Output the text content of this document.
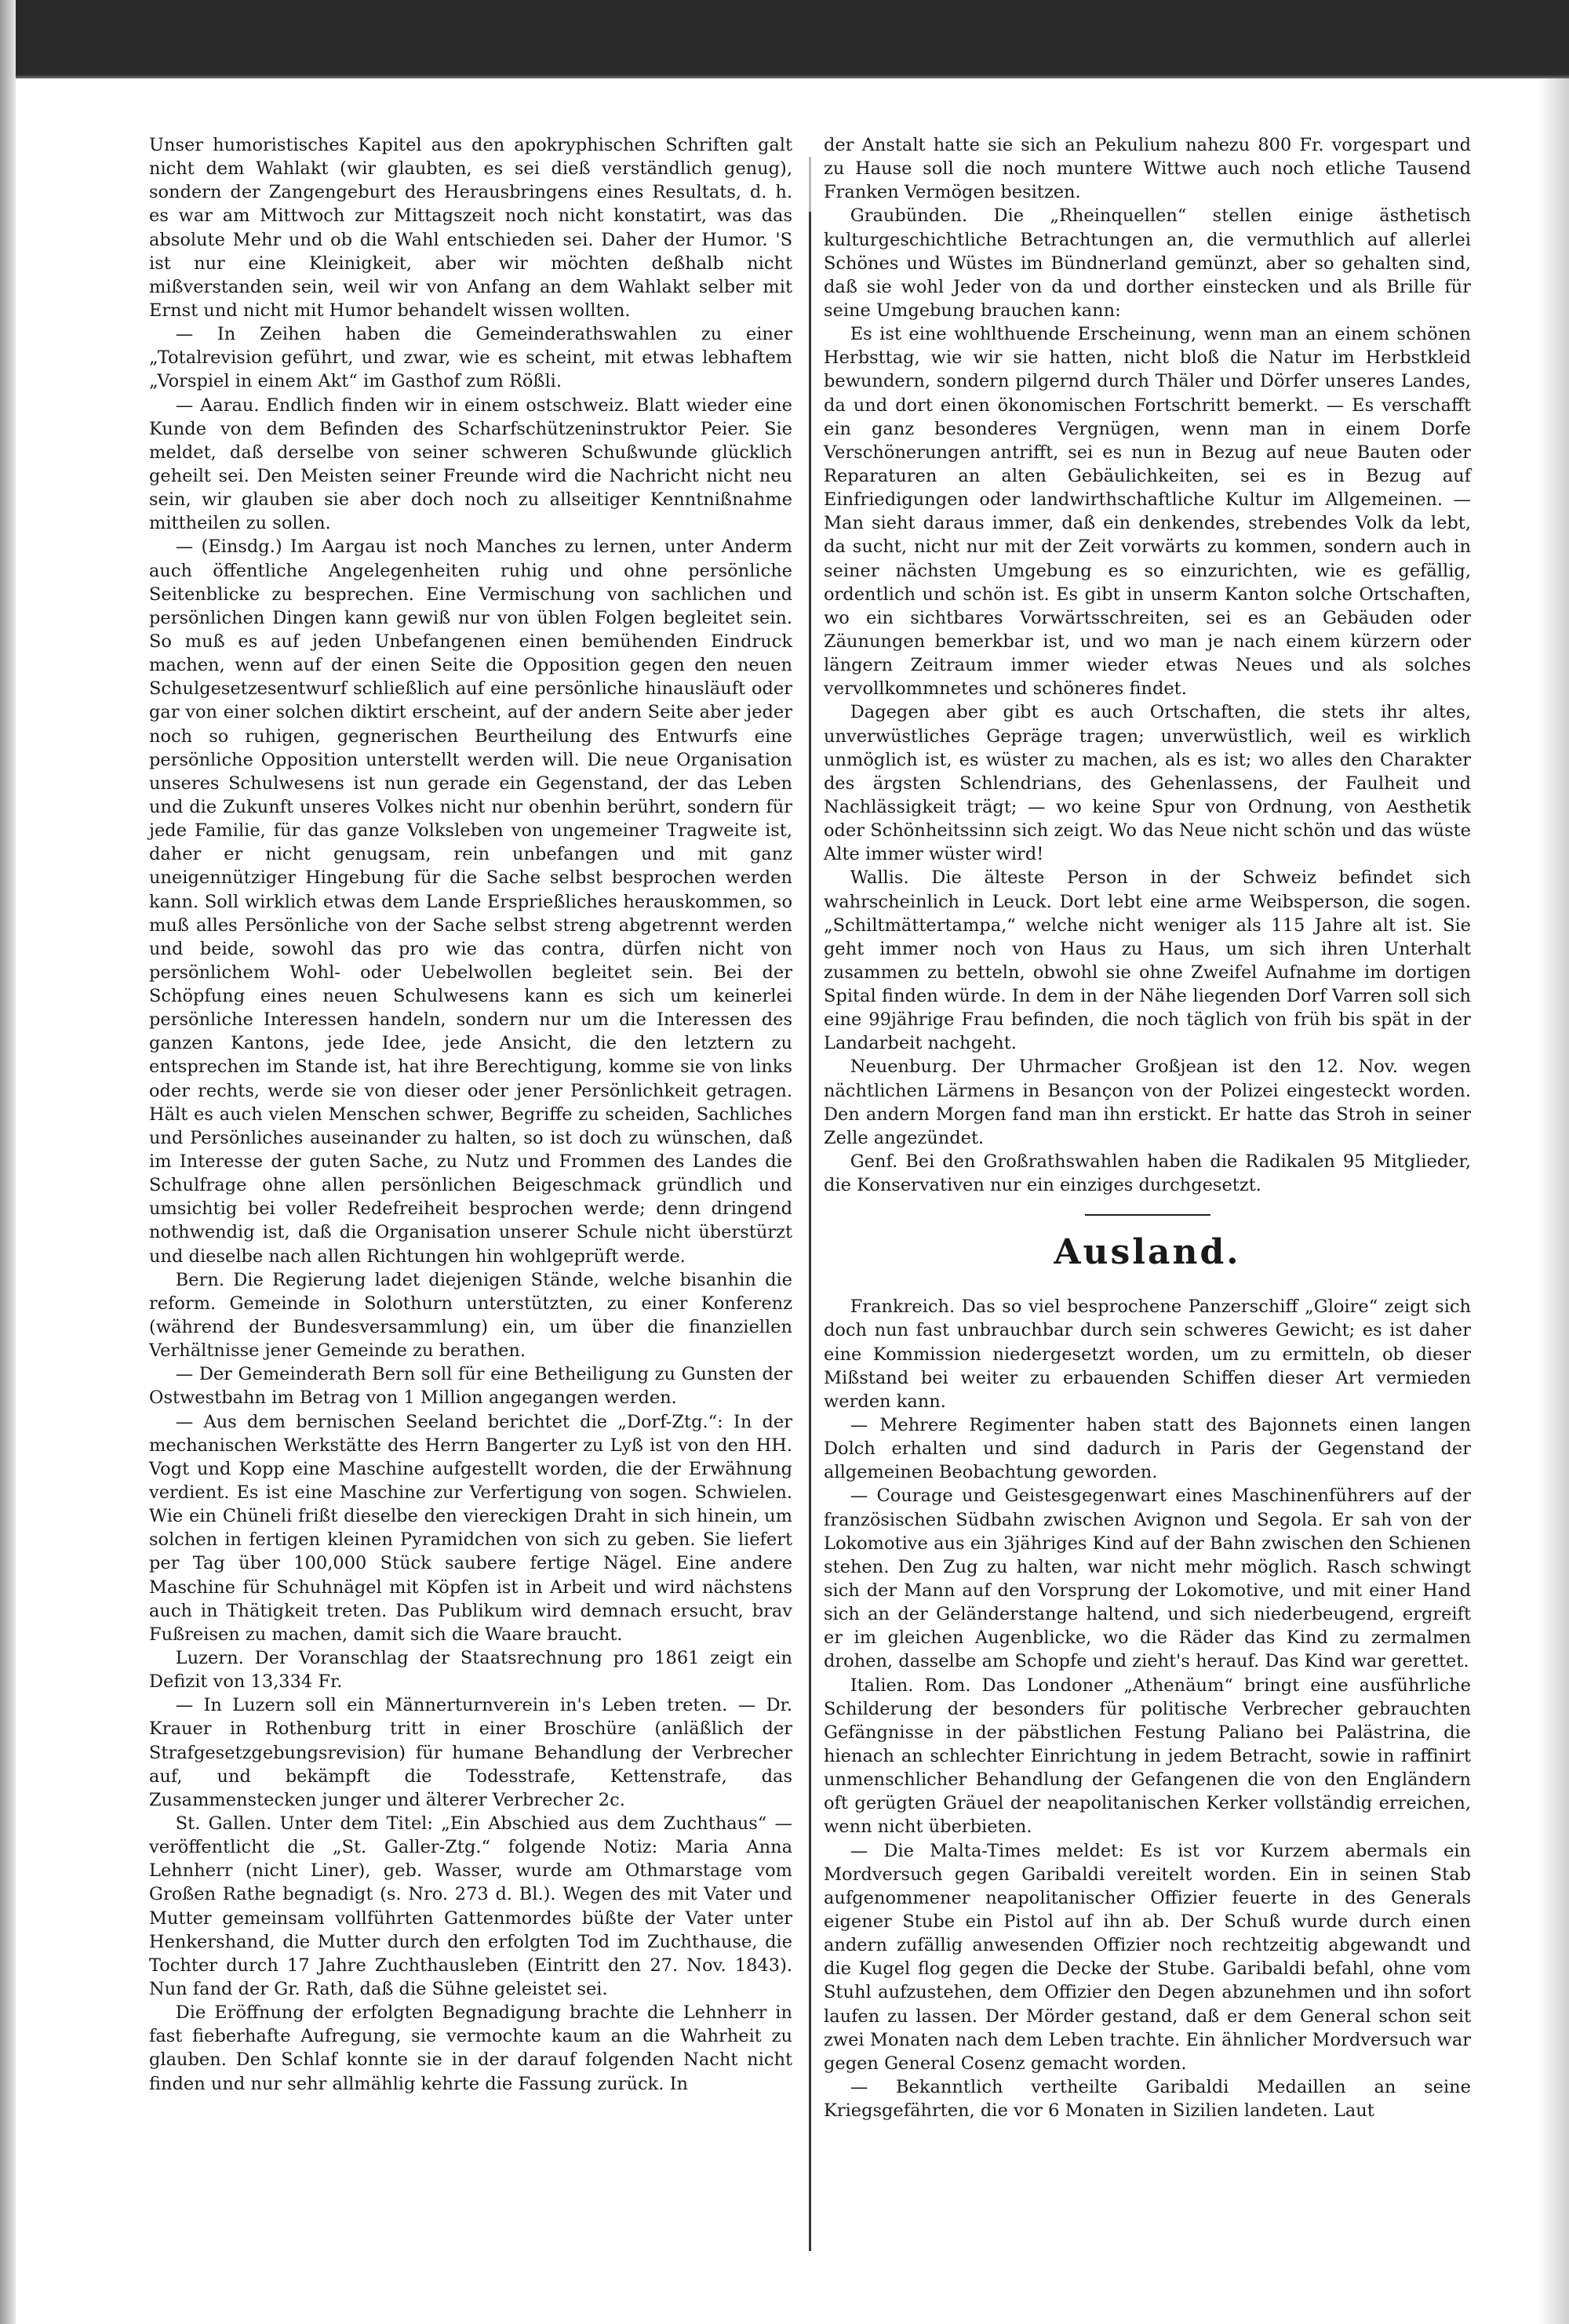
Unser humoristisches Kapitel aus den apokryphischen Schriften galt nicht dem Wahlakt (wir glaubten, es sei dieß verständlich genug), sondern der Zangengeburt des Herausbringens eines Resultats, d. h. es war am Mittwoch zur Mittagszeit noch nicht konstatirt, was das absolute Mehr und ob die Wahl entschieden sei. Daher der Humor. 'S ist nur eine Kleinigkeit, aber wir möchten deßhalb nicht mißverstanden sein, weil wir von Anfang an dem Wahlakt selber mit Ernst und nicht mit Humor behandelt wissen wollten.

— In Zeihen haben die Gemeinderathswahlen zu einer „Totalrevision geführt, und zwar, wie es scheint, mit etwas lebhaftem „Vorspiel in einem Akt“ im Gasthof zum Rößli.

— Aarau. Endlich finden wir in einem ostschweiz. Blatt wieder eine Kunde von dem Befinden des Scharfschützeninstruktor Peier. Sie meldet, daß derselbe von seiner schweren Schußwunde glücklich geheilt sei. Den Meisten seiner Freunde wird die Nachricht nicht neu sein, wir glauben sie aber doch noch zu allseitiger Kenntnißnahme mittheilen zu sollen.

— (Einsdg.) Im Aargau ist noch Manches zu lernen, unter Anderm auch öffentliche Angelegenheiten ruhig und ohne persönliche Seitenblicke zu besprechen. Eine Vermischung von sachlichen und persönlichen Dingen kann gewiß nur von üblen Folgen begleitet sein. So muß es auf jeden Unbefangenen einen bemühenden Eindruck machen, wenn auf der einen Seite die Opposition gegen den neuen Schulgesetzesentwurf schließlich auf eine persönliche hinausläuft oder gar von einer solchen diktirt erscheint, auf der andern Seite aber jeder noch so ruhigen, gegnerischen Beurtheilung des Entwurfs eine persönliche Opposition unterstellt werden will. Die neue Organisation unseres Schulwesens ist nun gerade ein Gegenstand, der das Leben und die Zukunft unseres Volkes nicht nur obenhin berührt, sondern für jede Familie, für das ganze Volksleben von ungemeiner Tragweite ist, daher er nicht genugsam, rein unbefangen und mit ganz uneigennütziger Hingebung für die Sache selbst besprochen werden kann. Soll wirklich etwas dem Lande Ersprießliches herauskommen, so muß alles Persönliche von der Sache selbst streng abgetrennt werden und beide, sowohl das pro wie das contra, dürfen nicht von persönlichem Wohl- oder Uebelwollen begleitet sein. Bei der Schöpfung eines neuen Schulwesens kann es sich um keinerlei persönliche Interessen handeln, sondern nur um die Interessen des ganzen Kantons, jede Idee, jede Ansicht, die den letztern zu entsprechen im Stande ist, hat ihre Berechtigung, komme sie von links oder rechts, werde sie von dieser oder jener Persönlichkeit getragen. Hält es auch vielen Menschen schwer, Begriffe zu scheiden, Sachliches und Persönliches auseinander zu halten, so ist doch zu wünschen, daß im Interesse der guten Sache, zu Nutz und Frommen des Landes die Schulfrage ohne allen persönlichen Beigeschmack gründlich und umsichtig bei voller Redefreiheit besprochen werde; denn dringend nothwendig ist, daß die Organisation unserer Schule nicht überstürzt und dieselbe nach allen Richtungen hin wohlgeprüft werde.

Bern. Die Regierung ladet diejenigen Stände, welche bisanhin die reform. Gemeinde in Solothurn unterstützten, zu einer Konferenz (während der Bundesversammlung) ein, um über die finanziellen Verhältnisse jener Gemeinde zu berathen.

— Der Gemeinderath Bern soll für eine Betheiligung zu Gunsten der Ostwestbahn im Betrag von 1 Million angegangen werden.

— Aus dem bernischen Seeland berichtet die „Dorf-Ztg.“: In der mechanischen Werkstätte des Herrn Bangerter zu Lyß ist von den HH. Vogt und Kopp eine Maschine aufgestellt worden, die der Erwähnung verdient. Es ist eine Maschine zur Verfertigung von sogen. Schwielen. Wie ein Chüneli frißt dieselbe den viereckigen Draht in sich hinein, um solchen in fertigen kleinen Pyramidchen von sich zu geben. Sie liefert per Tag über 100,000 Stück saubere fertige Nägel. Eine andere Maschine für Schuhnägel mit Köpfen ist in Arbeit und wird nächstens auch in Thätigkeit treten. Das Publikum wird demnach ersucht, brav Fußreisen zu machen, damit sich die Waare braucht.

Luzern. Der Voranschlag der Staatsrechnung pro 1861 zeigt ein Defizit von 13,334 Fr.

— In Luzern soll ein Männerturnverein in's Leben treten. — Dr. Krauer in Rothenburg tritt in einer Broschüre (anläßlich der Strafgesetzgebungsrevision) für humane Behandlung der Verbrecher auf, und bekämpft die Todesstrafe, Kettenstrafe, das Zusammenstecken junger und älterer Verbrecher 2c.

St. Gallen. Unter dem Titel: „Ein Abschied aus dem Zuchthaus“ — veröffentlicht die „St. Galler-Ztg.“ folgende Notiz: Maria Anna Lehnherr (nicht Liner), geb. Wasser, wurde am Othmarstage vom Großen Rathe begnadigt (s. Nro. 273 d. Bl.). Wegen des mit Vater und Mutter gemeinsam vollführten Gattenmordes büßte der Vater unter Henkershand, die Mutter durch den erfolgten Tod im Zuchthause, die Tochter durch 17 Jahre Zuchthausleben (Eintritt den 27. Nov. 1843). Nun fand der Gr. Rath, daß die Sühne geleistet sei.

Die Eröffnung der erfolgten Begnadigung brachte die Lehnherr in fast fieberhafte Aufregung, sie vermochte kaum an die Wahrheit zu glauben. Den Schlaf konnte sie in der darauf folgenden Nacht nicht finden und nur sehr allmählig kehrte die Fassung zurück. In

der Anstalt hatte sie sich an Pekulium nahezu 800 Fr. vorgespart und zu Hause soll die noch muntere Wittwe auch noch etliche Tausend Franken Vermögen besitzen.

Graubünden. Die „Rheinquellen“ stellen einige ästhetisch kulturgeschichtliche Betrachtungen an, die vermuthlich auf allerlei Schönes und Wüstes im Bündnerland gemünzt, aber so gehalten sind, daß sie wohl Jeder von da und dorther einstecken und als Brille für seine Umgebung brauchen kann:

Es ist eine wohlthuende Erscheinung, wenn man an einem schönen Herbsttag, wie wir sie hatten, nicht bloß die Natur im Herbstkleid bewundern, sondern pilgernd durch Thäler und Dörfer unseres Landes, da und dort einen ökonomischen Fortschritt bemerkt. — Es verschafft ein ganz besonderes Vergnügen, wenn man in einem Dorfe Verschönerungen antrifft, sei es nun in Bezug auf neue Bauten oder Reparaturen an alten Gebäulichkeiten, sei es in Bezug auf Einfriedigungen oder landwirthschaftliche Kultur im Allgemeinen. — Man sieht daraus immer, daß ein denkendes, strebendes Volk da lebt, da sucht, nicht nur mit der Zeit vorwärts zu kommen, sondern auch in seiner nächsten Umgebung es so einzurichten, wie es gefällig, ordentlich und schön ist. Es gibt in unserm Kanton solche Ortschaften, wo ein sichtbares Vorwärtsschreiten, sei es an Gebäuden oder Zäunungen bemerkbar ist, und wo man je nach einem kürzern oder längern Zeitraum immer wieder etwas Neues und als solches vervollkommnetes und schöneres findet.

Dagegen aber gibt es auch Ortschaften, die stets ihr altes, unverwüstliches Gepräge tragen; unverwüstlich, weil es wirklich unmöglich ist, es wüster zu machen, als es ist; wo alles den Charakter des ärgsten Schlendrians, des Gehenlassens, der Faulheit und Nachlässigkeit trägt; — wo keine Spur von Ordnung, von Aesthetik oder Schönheitssinn sich zeigt. Wo das Neue nicht schön und das wüste Alte immer wüster wird!

Wallis. Die älteste Person in der Schweiz befindet sich wahrscheinlich in Leuck. Dort lebt eine arme Weibsperson, die sogen. „Schiltmättertampa,“ welche nicht weniger als 115 Jahre alt ist. Sie geht immer noch von Haus zu Haus, um sich ihren Unterhalt zusammen zu betteln, obwohl sie ohne Zweifel Aufnahme im dortigen Spital finden würde. In dem in der Nähe liegenden Dorf Varren soll sich eine 99jährige Frau befinden, die noch täglich von früh bis spät in der Landarbeit nachgeht.

Neuenburg. Der Uhrmacher Großjean ist den 12. Nov. wegen nächtlichen Lärmens in Besançon von der Polizei eingesteckt worden. Den andern Morgen fand man ihn erstickt. Er hatte das Stroh in seiner Zelle angezündet.

Genf. Bei den Großrathswahlen haben die Radikalen 95 Mitglieder, die Konservativen nur ein einziges durchgesetzt.

Ausland.

Frankreich. Das so viel besprochene Panzerschiff „Gloire“ zeigt sich doch nun fast unbrauchbar durch sein schweres Gewicht; es ist daher eine Kommission niedergesetzt worden, um zu ermitteln, ob dieser Mißstand bei weiter zu erbauenden Schiffen dieser Art vermieden werden kann.

— Mehrere Regimenter haben statt des Bajonnets einen langen Dolch erhalten und sind dadurch in Paris der Gegenstand der allgemeinen Beobachtung geworden.

— Courage und Geistesgegenwart eines Maschinenführers auf der französischen Südbahn zwischen Avignon und Segola. Er sah von der Lokomotive aus ein 3jähriges Kind auf der Bahn zwischen den Schienen stehen. Den Zug zu halten, war nicht mehr möglich. Rasch schwingt sich der Mann auf den Vorsprung der Lokomotive, und mit einer Hand sich an der Geländerstange haltend, und sich niederbeugend, ergreift er im gleichen Augenblicke, wo die Räder das Kind zu zermalmen drohen, dasselbe am Schopfe und zieht's herauf. Das Kind war gerettet.

Italien. Rom. Das Londoner „Athenäum“ bringt eine ausführliche Schilderung der besonders für politische Verbrecher gebrauchten Gefängnisse in der päbstlichen Festung Paliano bei Palästrina, die hienach an schlechter Einrichtung in jedem Betracht, sowie in raffinirt unmenschlicher Behandlung der Gefangenen die von den Engländern oft gerügten Gräuel der neapolitanischen Kerker vollständig erreichen, wenn nicht überbieten.

— Die Malta-Times meldet: Es ist vor Kurzem abermals ein Mordversuch gegen Garibaldi vereitelt worden. Ein in seinen Stab aufgenommener neapolitanischer Offizier feuerte in des Generals eigener Stube ein Pistol auf ihn ab. Der Schuß wurde durch einen andern zufällig anwesenden Offizier noch rechtzeitig abgewandt und die Kugel flog gegen die Decke der Stube. Garibaldi befahl, ohne vom Stuhl aufzustehen, dem Offizier den Degen abzunehmen und ihn sofort laufen zu lassen. Der Mörder gestand, daß er dem General schon seit zwei Monaten nach dem Leben trachte. Ein ähnlicher Mordversuch war gegen General Cosenz gemacht worden.

— Bekanntlich vertheilte Garibaldi Medaillen an seine Kriegsgefährten, die vor 6 Monaten in Sizilien landeten. Laut
